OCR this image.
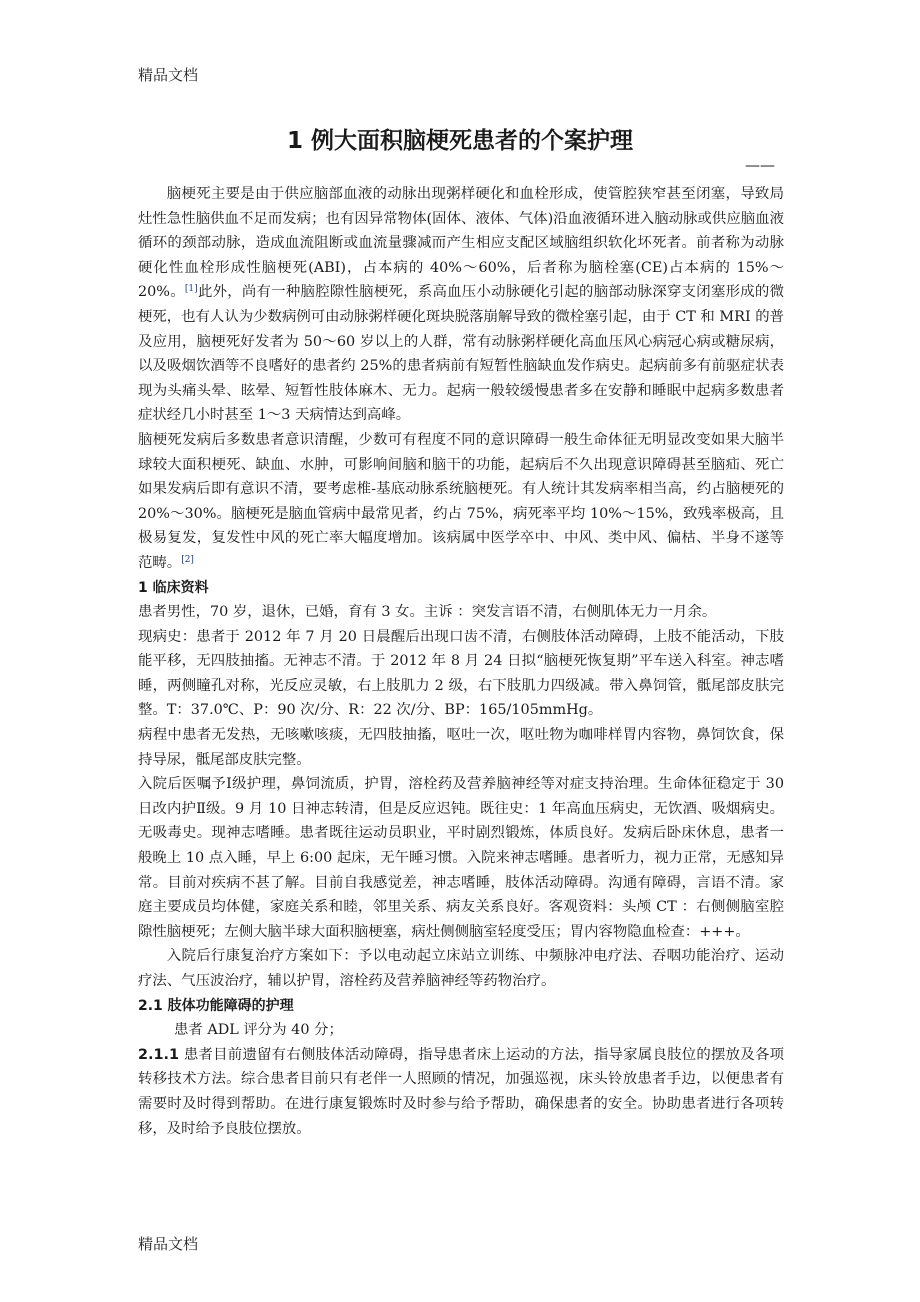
精品文档
1 例大面积脑梗死患者的个案护理
——

脑梗死主要是由于供应脑部血液的动脉出现粥样硬化和血栓形成，使管腔狭窄甚至闭塞，导致局灶性急性脑供血不足而发病；也有因异常物体(固体、液体、气体)沿血液循环进入脑动脉或供应脑血液循环的颈部动脉，造成血流阻断或血流量骤减而产生相应支配区域脑组织软化坏死者。前者称为动脉硬化性血栓形成性脑梗死(ABI)，占本病的 40%～60%，后者称为脑栓塞(CE)占本病的 15%～20%。[1]此外，尚有一种脑腔隙性脑梗死，系高血压小动脉硬化引起的脑部动脉深穿支闭塞形成的微梗死，也有人认为少数病例可由动脉粥样硬化斑块脱落崩解导致的微栓塞引起，由于 CT 和 MRI 的普及应用，脑梗死好发者为 50～60 岁以上的人群，常有动脉粥样硬化高血压风心病冠心病或糖尿病，以及吸烟饮酒等不良嗜好的患者约 25%的患者病前有短暂性脑缺血发作病史。起病前多有前驱症状表现为头痛头晕、眩晕、短暂性肢体麻木、无力。起病一般较缓慢患者多在安静和睡眠中起病多数患者症状经几小时甚至 1～3 天病情达到高峰。

脑梗死发病后多数患者意识清醒，少数可有程度不同的意识障碍一般生命体征无明显改变如果大脑半球较大面积梗死、缺血、水肿，可影响间脑和脑干的功能，起病后不久出现意识障碍甚至脑疝、死亡如果发病后即有意识不清，要考虑椎-基底动脉系统脑梗死。有人统计其发病率相当高，约占脑梗死的 20%～30%。脑梗死是脑血管病中最常见者，约占 75%，病死率平均 10%～15%，致残率极高，且极易复发，复发性中风的死亡率大幅度增加。该病属中医学卒中、中风、类中风、偏枯、半身不遂等范畴。[2]

1 临床资料

患者男性，70 岁，退休，已婚，育有 3 女。主诉 ：突发言语不清，右侧肌体无力一月余。

现病史：患者于 2012 年 7 月 20 日晨醒后出现口齿不清，右侧肢体活动障碍，上肢不能活动，下肢能平移，无四肢抽搐。无神志不清。于 2012 年 8 月 24 日拟“脑梗死恢复期”平车送入科室。神志嗜睡，两侧瞳孔对称，光反应灵敏，右上肢肌力 2 级，右下肢肌力四级减。带入鼻饲管，骶尾部皮肤完整。T：37.0℃、P：90 次/分、R：22 次/分、BP：165/105mmHg。

病程中患者无发热，无咳嗽咳痰，无四肢抽搐，呕吐一次，呕吐物为咖啡样胃内容物，鼻饲饮食，保持导尿，骶尾部皮肤完整。

入院后医嘱予Ⅰ级护理，鼻饲流质，护胃，溶栓药及营养脑神经等对症支持治理。生命体征稳定于 30 日改内护Ⅱ级。9 月 10 日神志转清，但是反应迟钝。既往史：1 年高血压病史，无饮酒、吸烟病史。无吸毒史。现神志嗜睡。患者既往运动员职业，平时剧烈锻炼，体质良好。发病后卧床休息，患者一般晚上 10 点入睡，早上 6:00 起床，无午睡习惯。入院来神志嗜睡。患者听力，视力正常，无感知异常。目前对疾病不甚了解。目前自我感觉差，神志嗜睡，肢体活动障碍。沟通有障碍，言语不清。家庭主要成员均体健，家庭关系和睦，邻里关系、病友关系良好。客观资料：头颅 CT ：右侧侧脑室腔隙性脑梗死；左侧大脑半球大面积脑梗塞，病灶侧侧脑室轻度受压；胃内容物隐血检查：+++。

入院后行康复治疗方案如下：予以电动起立床站立训练、中频脉冲电疗法、吞咽功能治疗、运动疗法、气压波治疗，辅以护胃，溶栓药及营养脑神经等药物治疗。

2.1 肢体功能障碍的护理

患者 ADL 评分为 40 分；

2.1.1 患者目前遗留有右侧肢体活动障碍，指导患者床上运动的方法，指导家属良肢位的摆放及各项转移技术方法。综合患者目前只有老伴一人照顾的情况，加强巡视，床头铃放患者手边，以便患者有需要时及时得到帮助。在进行康复锻炼时及时参与给予帮助，确保患者的安全。协助患者进行各项转移，及时给予良肢位摆放。

精品文档
